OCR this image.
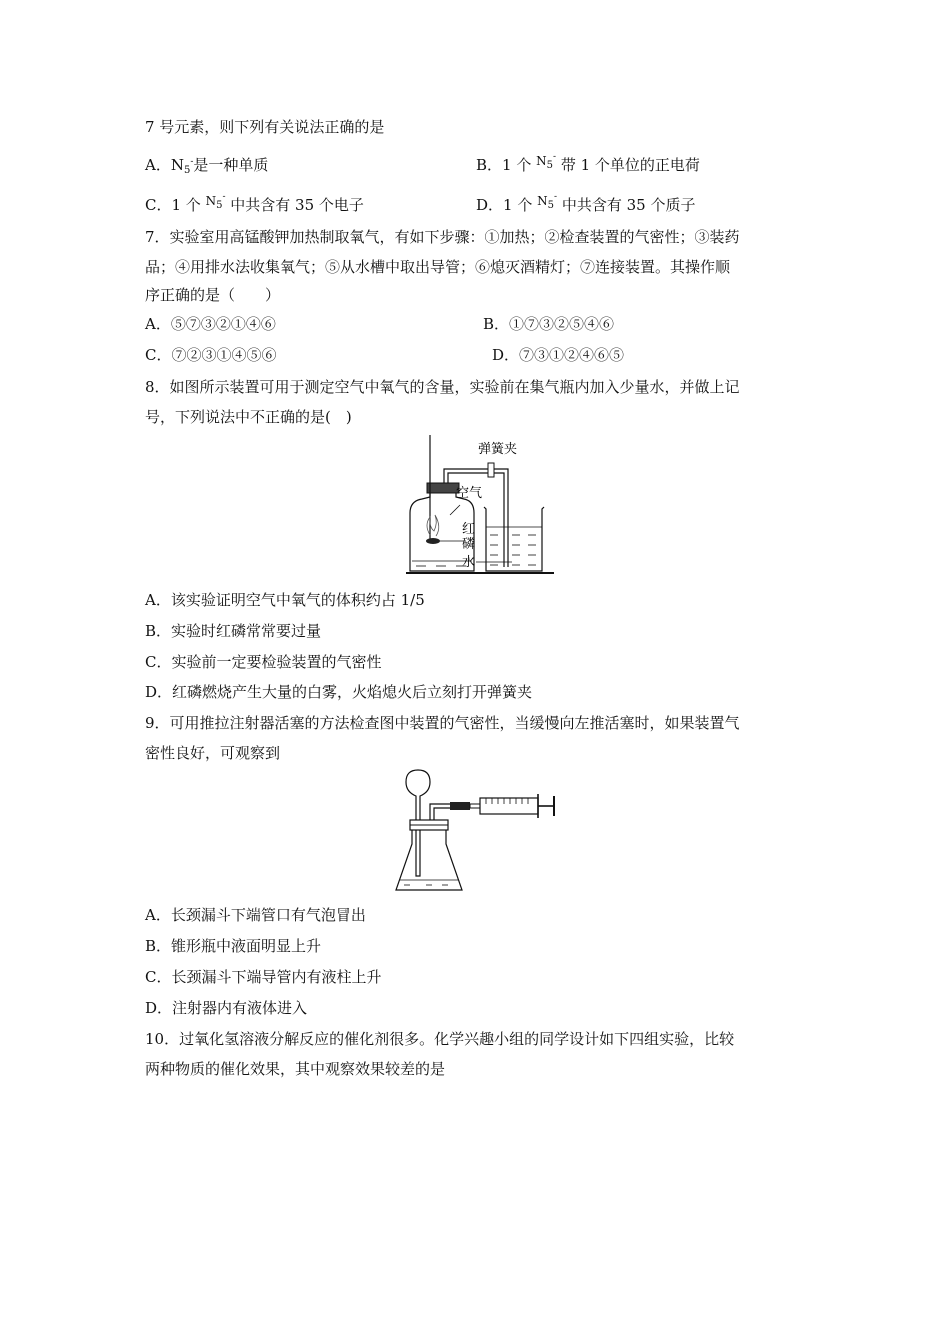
7 号元素，则下列有关说法正确的是
A．$N_5^-$是一种单质	B．1 个 $N_5^-$ 带 1 个单位的正电荷
C．1 个 $N_5^-$ 中共含有 35 个电子	D．1 个 $N_5^-$ 中共含有 35 个质子
7．实验室用高锰酸钾加热制取氧气，有如下步骤：①加热；②检查装置的气密性；③装药
品；④用排水法收集氧气；⑤从水槽中取出导管；⑥熄灭酒精灯；⑦连接装置。其操作顺
序正确的是（　　）
A．⑤⑦③②①④⑥	B．①⑦③②⑤④⑥
C．⑦②③①④⑤⑥	D．⑦③①②④⑥⑤
8．如图所示装置可用于测定空气中氧气的含量，实验前在集气瓶内加入少量水，并做上记
号，下列说法中不正确的是(　)
弹簧夹
空气
红
磷
水
A．该实验证明空气中氧气的体积约占 1/5
B．实验时红磷常常要过量
C．实验前一定要检验装置的气密性
D．红磷燃烧产生大量的白雾，火焰熄火后立刻打开弹簧夹
9．可用推拉注射器活塞的方法检查图中装置的气密性，当缓慢向左推活塞时，如果装置气
密性良好，可观察到
A．长颈漏斗下端管口有气泡冒出
B．锥形瓶中液面明显上升
C．长颈漏斗下端导管内有液柱上升
D．注射器内有液体进入
10．过氧化氢溶液分解反应的催化剂很多。化学兴趣小组的同学设计如下四组实验，比较
两种物质的催化效果，其中观察效果较差的是
